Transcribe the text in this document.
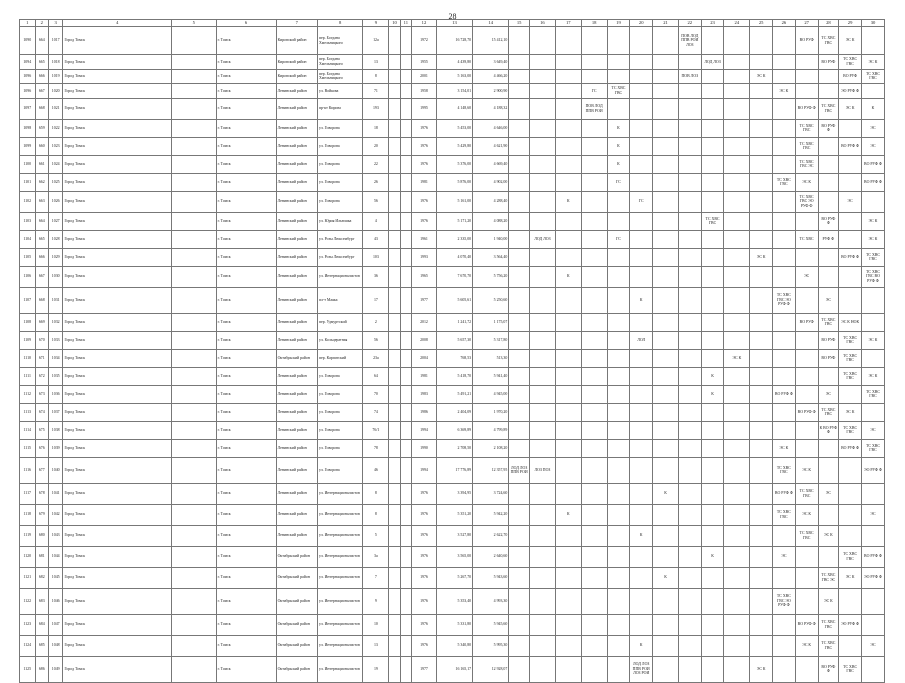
28
1	2	3	4	5	6	7	8	9	10	11	12	13	14	15	16	17	18	19	20	21	22	23	24	25	26	27	28	29	30
1090	664	1017	Город Томск		г. Томск	Кировский район	пер. Богдана Хмельницкого	12а			1972	16 728,70	15 412,10								ПОВ ЛОД ППВ РОИ ЛОЗ					ВО РУФ	ТС ХВС ГВС	ЭС К	
1094	665	1018	Город Томск		г. Томск	Кировский район	пер. Богдана Хмельницкого	13			1955	4 439,80	3 649,40									ЛОД ЛОЗ					ВО РУФ	ТС ХВС ГВС	ЭС К
1096	666	1019	Город Томск		г. Томск	Кировский район	пер. Богдана Хмельницкого	8			2001	5 163,00	4 466,20								ПОВ ЛОЗ			ЭС К				ВО РУФ	ТС ХВС ГВС
1096	667	1020	Город Томск		г. Томск	Ленинский район	ул. Войкова	71			1958	3 154,01	2 900,90				ГС	ТС ХВС ГВС							ЭС К			ЭО РУФ Ф	
1097	668	1021	Город Томск		г. Томск	Ленинский район	пр-кт Кирова	193			1995	4 148,60	4 188,32				ПОВ ЛОД ППВ РОИ									ВО РУФ Ф	ТС ХВС ГВС	ЭС К	К
1098	659	1022	Город Томск		г. Томск	Ленинский район	ул. Говорова	18			1976	5 453,00	4 646,00					К								ТС ХВС ГВС	ВО РУФ Ф		ЭС
1099	660	1023	Город Томск		г. Томск	Ленинский район	ул. Говорова	20			1976	5 429,80	4 621,90					К								ТС ХВС ГВС		ВО РУФ Ф	ЭС
1100	661	1024	Город Томск		г. Томск	Ленинский район	ул. Говорова	22			1976	5 376,00	4 669,40					К								ТС ХВС ГВС ЭС			ВО РУФ Ф
1101	662	1025	Город Томск		г. Томск	Ленинский район	ул. Говорова	26			1981	5 876,00	4 902,00					ГС							ТС ХВС ГВС	ЭС К			ВО РУФ Ф
1102	663	1026	Город Томск		г. Томск	Ленинский район	ул. Говорова	56			1976	5 161,00	4 288,40			К			ГС							ТС ХВС ГВС ЭО РУФ Ф		ЭС	
1103	664	1027	Город Томск		г. Томск	Ленинский район	ул. Юрия Ильюшка	4			1976	5 171,20	4 088,20									ТС ХВС ГВС					ВО РУФ Ф		ЭС К
1104	665	1028	Город Томск		г. Томск	Ленинский район	ул. Розы Люксембург	43			1961	2 335,00	1 940,00		ЛОД ЛОЗ			ГС								ТС ХВС	РУФ Ф		ЭС К
1105	666	1029	Город Томск		г. Томск	Ленинский район	ул. Розы Люксембург	103			1993	4 070,40	3 564,40											ЭС К				ВО РУФ Ф	ТС ХВС ГВС
1106	667	1030	Город Томск		г. Томск	Ленинский район	ул. Интернационалистов	36			1965	7 670,70	5 756,20			К										ЭС			ТС ХВС ГВС ВО РУФ Ф
1107	668	1031	Город Томск		г. Томск	Ленинский район	пл-т Маяка	17			1977	5 605,61	5 250,60						К						ТС ХВС ГВС ЭО РУФ Ф		ЭС		
1108	669	1032	Город Томск		г. Томск	Ленинский район	пер. Удмуртский	2			2012	1 241,72	1 175,07													ВО РУФ	ТС ХВС ГВС	ЭС К НОК	
1109	670	1033	Город Томск		г. Томск	Ленинский район	ул. Кольцератная	56			2008	5 657,30	5 317,80						ЛОЛ								ВО РУФ	ТС ХВС ГВС	ЭС К
1110	671	1034	Город Томск		г. Томск	Октябрьский район	пер. Карпатский	23а			2004	768,53	513,30										ЭС К				ВО РУФ	ТС ХВС ГВС	
1111	672	1035	Город Томск		г. Томск	Ленинский район	ул. Говорова	64			1981	5 418,70	5 941,40									К						ТС ХВС ГВС	ЭС К
1112	673	1036	Город Томск		г. Томск	Ленинский район	ул. Говорова	70			1983	5 491,21	4 945,00									К			ВО РУФ Ф		ЭС		ТС ХВС ГВС
1113	674	1037	Город Томск		г. Томск	Ленинский район	ул. Говорова	74			1986	2 404,09	1 970,20													ВО РУФ Ф	ТС ХВС ГВС	ЭС К	
1114	675	1038	Город Томск		г. Томск	Ленинский район	ул. Говорова	76/1			1994	6 369,89	4 799,89														К ВО РУФ Ф	ТС ХВС ГВС	ЭС
1115	676	1039	Город Томск		г. Томск	Ленинский район	ул. Говорова	78			1990	2 708,50	2 108,20												ЭС К			ВО РУФ Ф	ТС ХВС ГВС
1116	677	1040	Город Томск		г. Томск	Ленинский район	ул. Говорова	46			1994	17 776,89	12 357,95	ЛОД ЛОЗ ППВ РОИ	ЛОЗ ПОЗ										ТС ХВС ГВС	ЭС К			ЭО РУФ Ф
1117	678	1041	Город Томск		г. Томск	Ленинский район	ул. Интернационалистов	8			1976	3 394,95	3 724,60							К					ВО РУФ Ф	ТС ХВС ГВС	ЭС		
1118	679	1042	Город Томск		г. Томск	Ленинский район	ул. Интернационалистов	8			1976	5 351,20	5 942,20			К									ТС ХВС ГВС	ЭС К			ЭС
1119	680	1043	Город Томск		г. Томск	Ленинский район	ул. Интернационалистов	5			1976	3 527,80	2 622,70						К							ТС ХВС ГВС	ЭС К		
1120	681	1044	Город Томск		г. Томск	Октябрьский район	ул. Интернационалистов	3а			1976	3 565,00	2 640,60									К			ЭС			ТС ХВС ГВС	ВО РУФ Ф
1121	682	1045	Город Томск		г. Томск	Октябрьский район	ул. Интернационалистов	7			1976	5 267,70	5 943,60							К							ТС ХВС ГВС ЭС	ЭС К	ЭО РУФ Ф
1122	683	1046	Город Томск		г. Томск	Октябрьский район	ул. Интернационалистов	9			1976	5 353,40	4 993,30												ТС ХВС ГВС ЭО РУФ Ф		ЭС К		
1123	684	1047	Город Томск		г. Томск	Октябрьский район	ул. Интернационалистов	10			1976	5 331,80	5 945,60													ВО РУФ Ф	ТС ХВС ГВС	ЭО РУФ Ф	
1124	685	1048	Город Томск		г. Томск	Октябрьский район	ул. Интернационалистов	13			1976	5 340,80	5 995,30						К							ЭС К	ТС ХВС ГВС		ЭС
1125	686	1049	Город Томск		г. Томск	Октябрьский район	ул. Интернационалистов	19			1977	16 165,17	12 928,07						ЛОД ЛОЗ ППВ РОИ ЛОЗ РОИ					ЭС К			ВО РУФ Ф	ТС ХВС ГВС	
